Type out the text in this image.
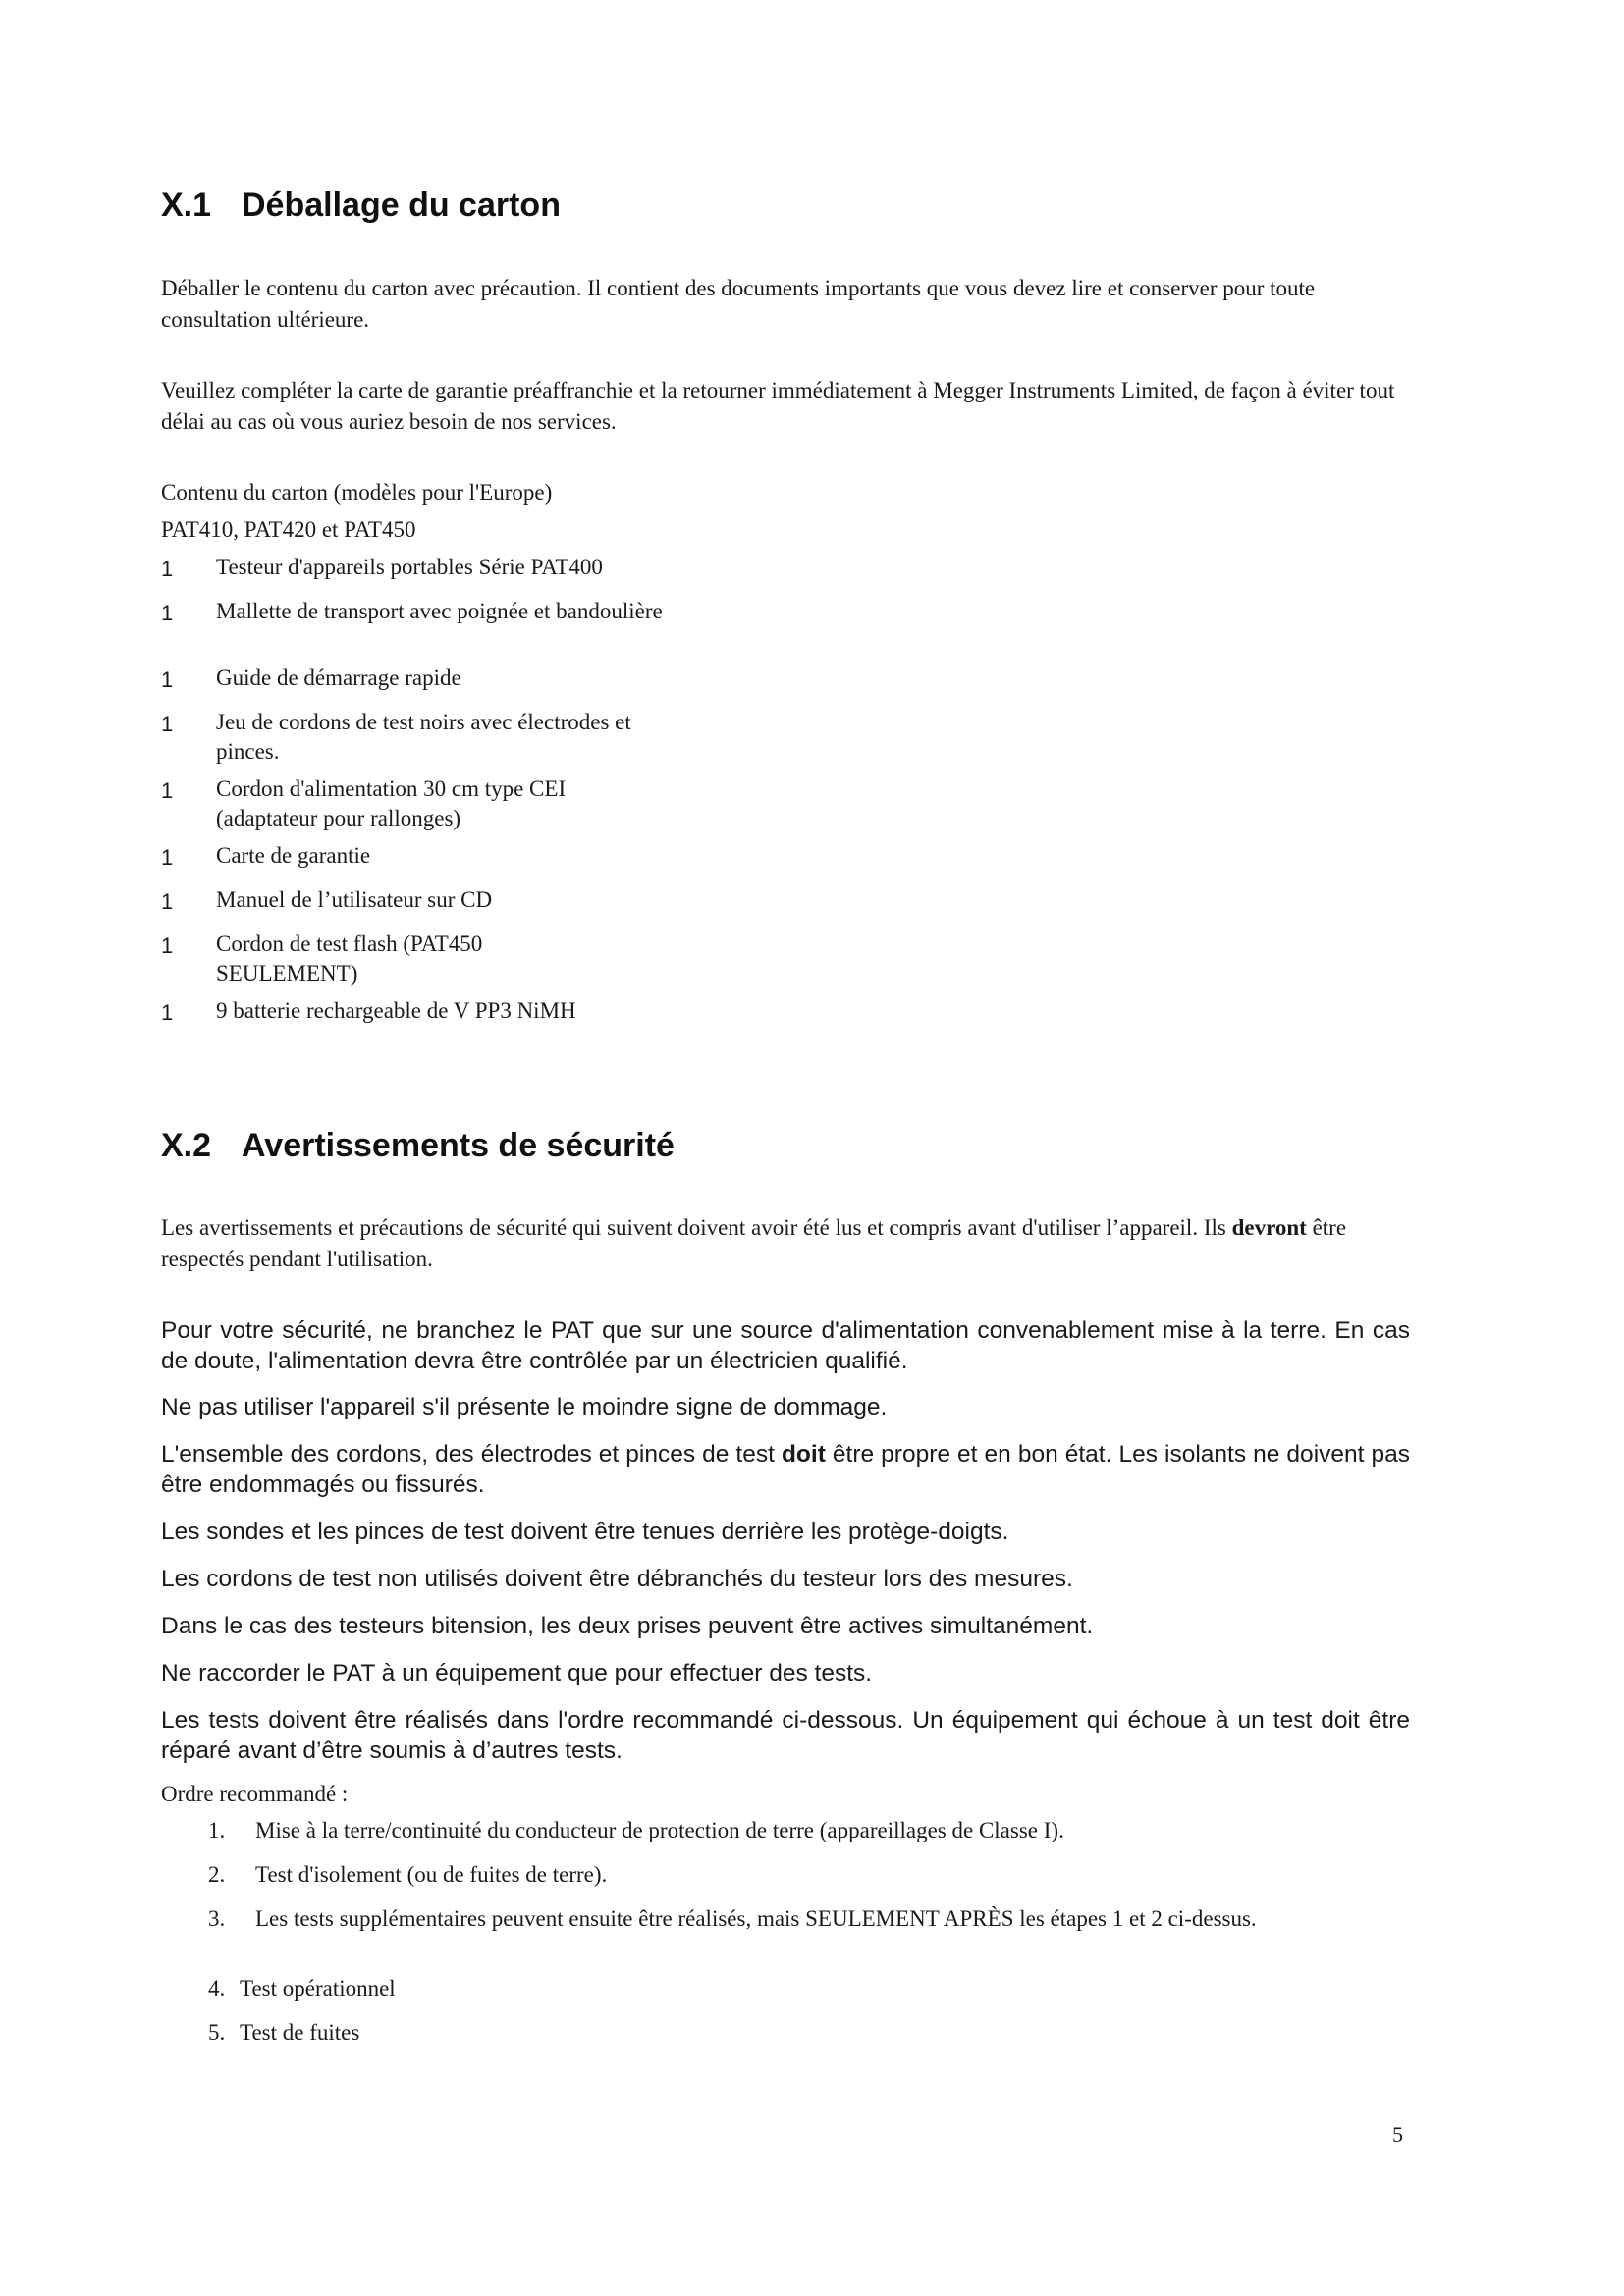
X.1 Déballage du carton

Déballer le contenu du carton avec précaution. Il contient des documents importants que vous devez lire et conserver pour toute consultation ultérieure.

Veuillez compléter la carte de garantie préaffranchie et la retourner immédiatement à Megger Instruments Limited, de façon à éviter tout délai au cas où vous auriez besoin de nos services.

Contenu du carton (modèles pour l'Europe)

PAT410, PAT420 et PAT450

1 Testeur d'appareils portables Série PAT400
1 Mallette de transport avec poignée et bandoulière
1 Guide de démarrage rapide
1 Jeu de cordons de test noirs avec électrodes et pinces.
1 Cordon d'alimentation 30 cm type CEI (adaptateur pour rallonges)
1 Carte de garantie
1 Manuel de l’utilisateur sur CD
1 Cordon de test flash (PAT450 SEULEMENT)
1 9 batterie rechargeable de V PP3 NiMH
X.2 Avertissements de sécurité

Les avertissements et précautions de sécurité qui suivent doivent avoir été lus et compris avant d'utiliser l’appareil. Ils devront être respectés pendant l'utilisation.

Pour votre sécurité, ne branchez le PAT que sur une source d'alimentation convenablement mise à la terre. En cas de doute, l'alimentation devra être contrôlée par un électricien qualifié.

Ne pas utiliser l'appareil s'il présente le moindre signe de dommage.

L'ensemble des cordons, des électrodes et pinces de test doit être propre et en bon état. Les isolants ne doivent pas être endommagés ou fissurés.

Les sondes et les pinces de test doivent être tenues derrière les protège-doigts.

Les cordons de test non utilisés doivent être débranchés du testeur lors des mesures.

Dans le cas des testeurs bitension, les deux prises peuvent être actives simultanément.

Ne raccorder le PAT à un équipement que pour effectuer des tests.

Les tests doivent être réalisés dans l'ordre recommandé ci-dessous. Un équipement qui échoue à un test doit être réparé avant d’être soumis à d’autres tests.

Ordre recommandé :

1.	Mise à la terre/continuité du conducteur de protection de terre (appareillages de Classe I).
2.	Test d'isolement (ou de fuites de terre).
3.	Les tests supplémentaires peuvent ensuite être réalisés, mais SEULEMENT APRÈS les étapes 1 et 2 ci-dessus.
4. Test opérationnel
5. Test de fuites
5
